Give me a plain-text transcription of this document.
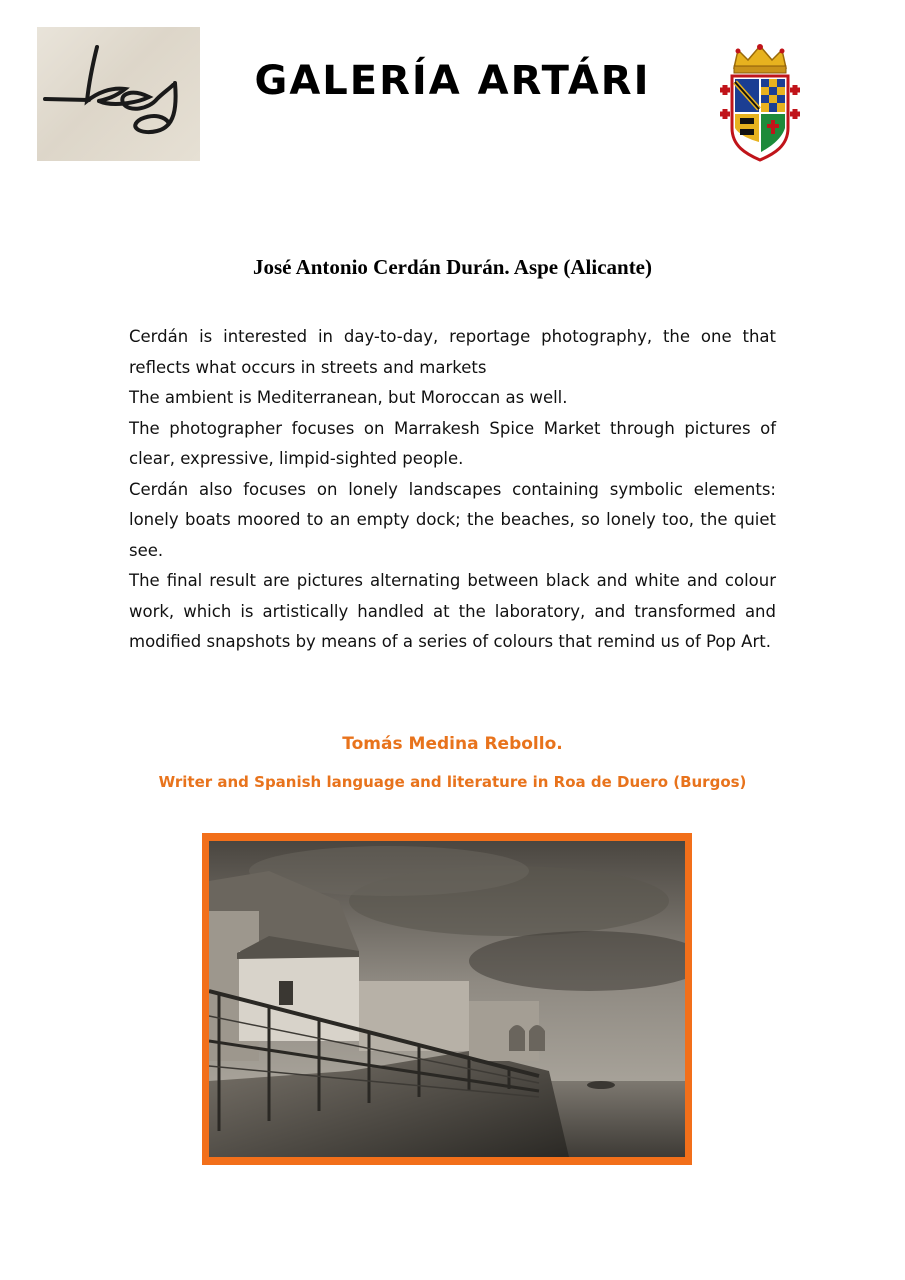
GALERÍA ARTÁRI
José Antonio Cerdán Durán. Aspe (Alicante)

Cerdán is interested in day-to-day, reportage photography, the one that reflects what occurs in streets and markets

The ambient is Mediterranean, but Moroccan as well.

The photographer focuses on Marrakesh Spice Market through pictures of clear, expressive, limpid-sighted people.

Cerdán also focuses on lonely landscapes containing symbolic elements: lonely boats moored to an empty dock; the beaches, so lonely too, the quiet see.

The final result are pictures alternating between black and white and colour work, which is artistically handled at the laboratory, and transformed and modified snapshots by means of a series of colours that remind us of Pop Art.

Tomás Medina Rebollo.
Writer and Spanish language and literature in Roa de Duero (Burgos)
